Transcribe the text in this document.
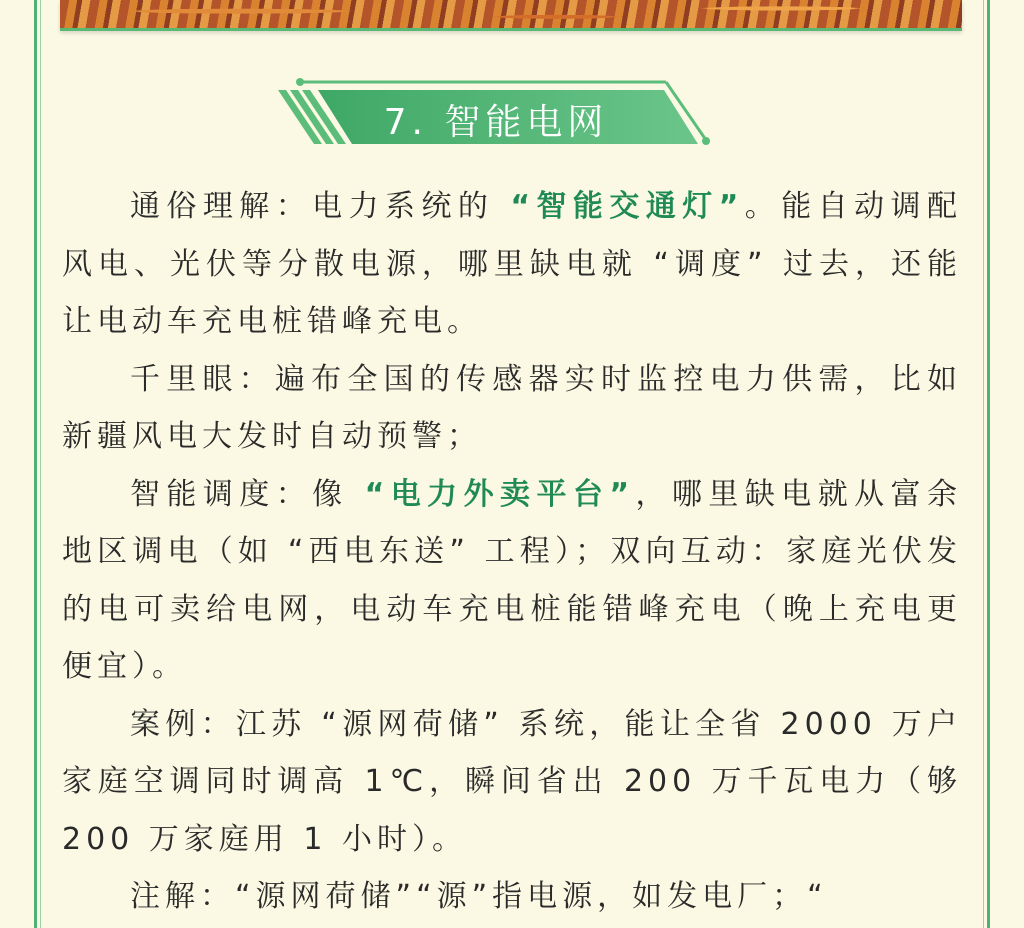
7. 智能电网

通俗理解：电力系统的 “智能交通灯”。能自动调配风电、光伏等分散电源，哪里缺电就 “调度” 过去，还能让电动车充电桩错峰充电。

千里眼：遍布全国的传感器实时监控电力供需，比如新疆风电大发时自动预警；

智能调度：像 “电力外卖平台”，哪里缺电就从富余地区调电（如 “西电东送” 工程）；双向互动：家庭光伏发的电可卖给电网，电动车充电桩能错峰充电（晚上充电更便宜）。

案例：江苏 “源网荷储” 系统，能让全省 2000 万户家庭空调同时调高 1℃，瞬间省出 200 万千瓦电力（够 200 万家庭用 1 小时）。

注解：“源网荷储”“源”指电源，如发电厂；“
